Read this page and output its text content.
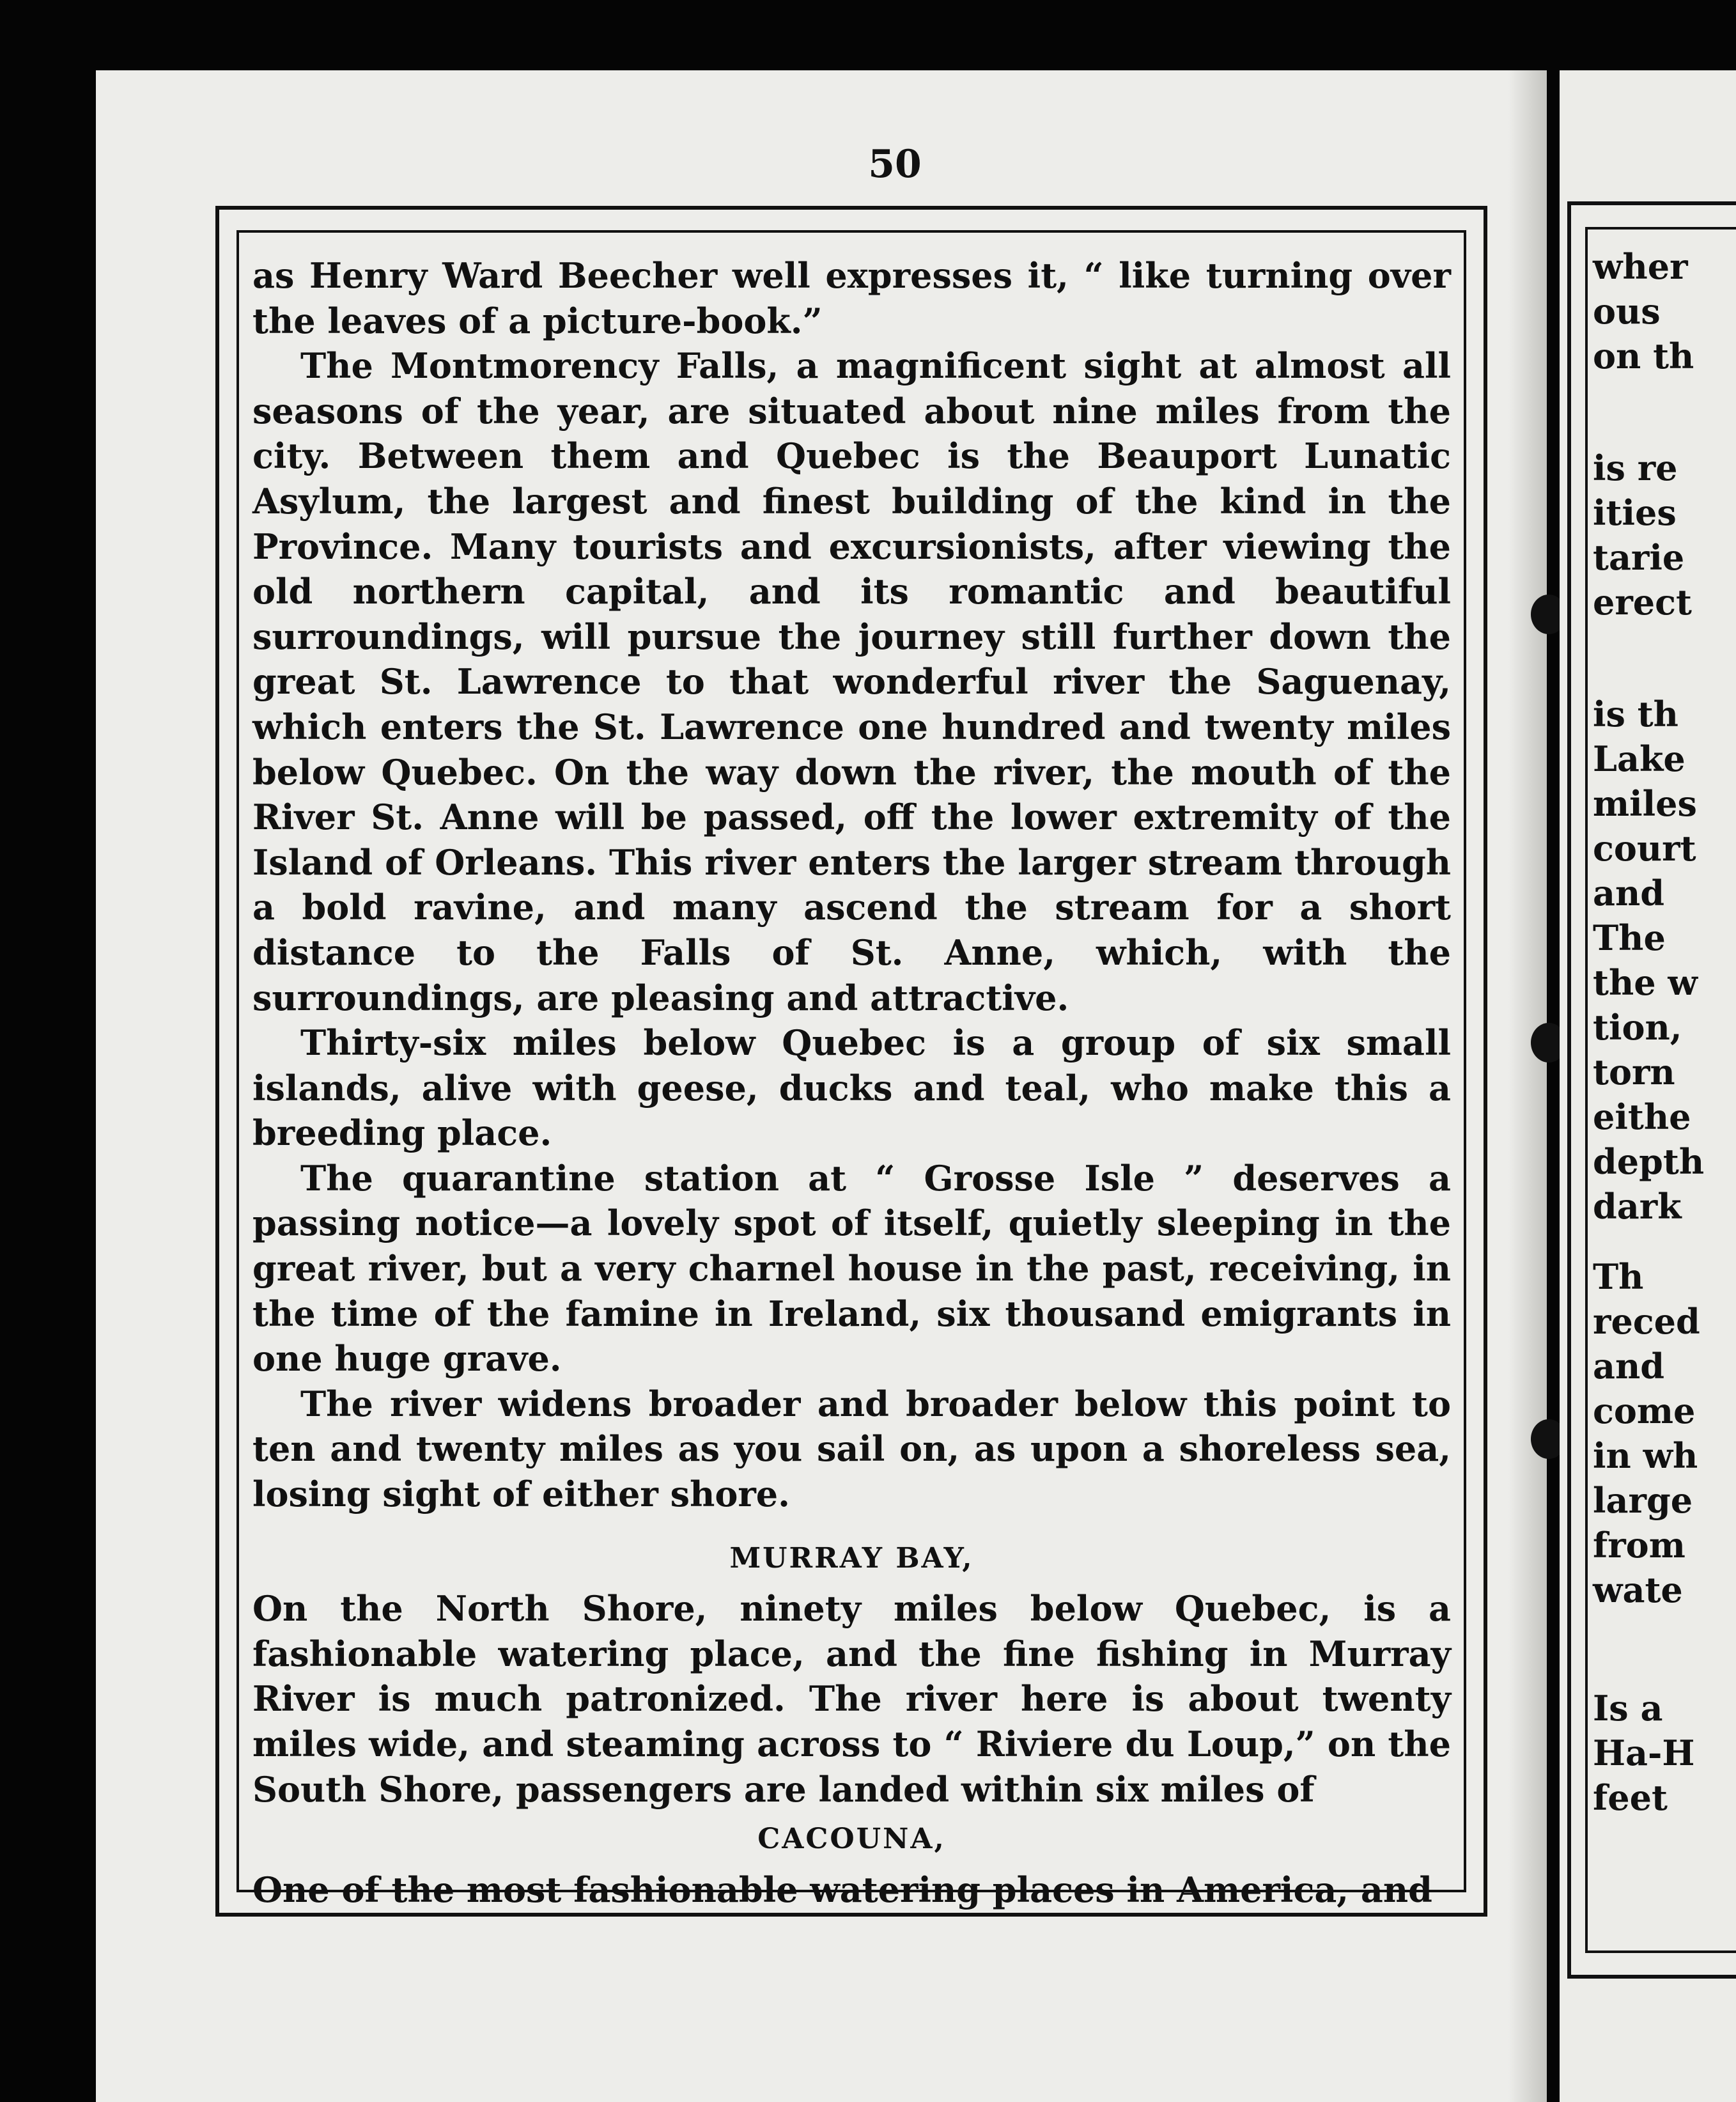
50

as Henry Ward Beecher well expresses it, “ like turning over the leaves of a picture-book.”

The Montmorency Falls, a magnificent sight at almost all seasons of the year, are situated about nine miles from the city. Between them and Quebec is the Beauport Lunatic Asylum, the largest and finest building of the kind in the Province. Many tourists and excursionists, after viewing the old northern capital, and its romantic and beautiful surroundings, will pursue the journey still further down the great St. Lawrence to that wonderful river the Saguenay, which enters the St. Lawrence one hundred and twenty miles below Quebec. On the way down the river, the mouth of the River St. Anne will be passed, off the lower extremity of the Island of Orleans. This river enters the larger stream through a bold ravine, and many ascend the stream for a short distance to the Falls of St. Anne, which, with the surroundings, are pleasing and attractive.

Thirty-six miles below Quebec is a group of six small islands, alive with geese, ducks and teal, who make this a breeding place.

The quarantine station at “ Grosse Isle ” deserves a passing notice—a lovely spot of itself, quietly sleeping in the great river, but a very charnel house in the past, receiving, in the time of the famine in Ireland, six thousand emigrants in one huge grave.

The river widens broader and broader below this point to ten and twenty miles as you sail on, as upon a shoreless sea, losing sight of either shore.

MURRAY BAY,

On the North Shore, ninety miles below Quebec, is a fashionable watering place, and the fine fishing in Murray River is much patronized. The river here is about twenty miles wide, and steaming across to “ Riviere du Loup,” on the South Shore, passengers are landed within six miles of

CACOUNA,

One of the most fashionable watering places in America, and

wher
ous
on th
is re
ities
tarie
erect
is th
Lake
miles
court
and
The
the w
tion,
torn
eithe
depth
dark
Th
reced
and
come
in wh
large
from
wate
Is a
Ha-H
feet
